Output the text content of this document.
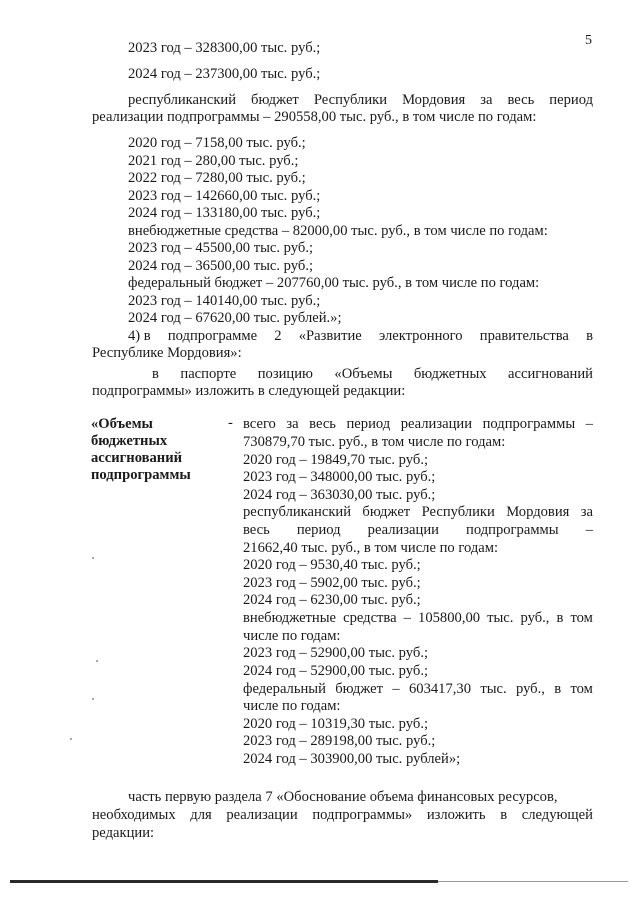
5
2023 год – 328300,00 тыс. руб.;
2024 год – 237300,00 тыс. руб.;
республиканский бюджет Республики Мордовия за весь период
реализации подпрограммы – 290558,00 тыс. руб., в том числе по годам:
2020 год – 7158,00 тыс. руб.;
2021 год – 280,00 тыс. руб.;
2022 год – 7280,00 тыс. руб.;
2023 год – 142660,00 тыс. руб.;
2024 год – 133180,00 тыс. руб.;
внебюджетные средства – 82000,00 тыс. руб., в том числе по годам:
2023 год – 45500,00 тыс. руб.;
2024 год – 36500,00 тыс. руб.;
федеральный бюджет – 207760,00 тыс. руб., в том числе по годам:
2023 год – 140140,00 тыс. руб.;
2024 год – 67620,00 тыс. рублей.»;
4) в подпрограмме 2 «Развитие электронного правительства в
Республике Мордовия»:
в паспорте позицию «Объемы бюджетных ассигнований
подпрограммы» изложить в следующей редакции:
«Объемы
бюджетных
ассигнований
подпрограммы
- всего за весь период реализации подпрограммы –
730879,70 тыс. руб., в том числе по годам:
2020 год – 19849,70 тыс. руб.;
2023 год – 348000,00 тыс. руб.;
2024 год – 363030,00 тыс. руб.;
республиканский бюджет Республики Мордовия за
весь период реализации подпрограммы –
21662,40 тыс. руб., в том числе по годам:
2020 год – 9530,40 тыс. руб.;
2023 год – 5902,00 тыс. руб.;
2024 год – 6230,00 тыс. руб.;
внебюджетные средства – 105800,00 тыс. руб., в том
числе по годам:
2023 год – 52900,00 тыс. руб.;
2024 год – 52900,00 тыс. руб.;
федеральный бюджет – 603417,30 тыс. руб., в том
числе по годам:
2020 год – 10319,30 тыс. руб.;
2023 год – 289198,00 тыс. руб.;
2024 год – 303900,00 тыс. рублей»;
часть первую раздела 7 «Обоснование объема финансовых ресурсов,
необходимых для реализации подпрограммы» изложить в следующей
редакции:
